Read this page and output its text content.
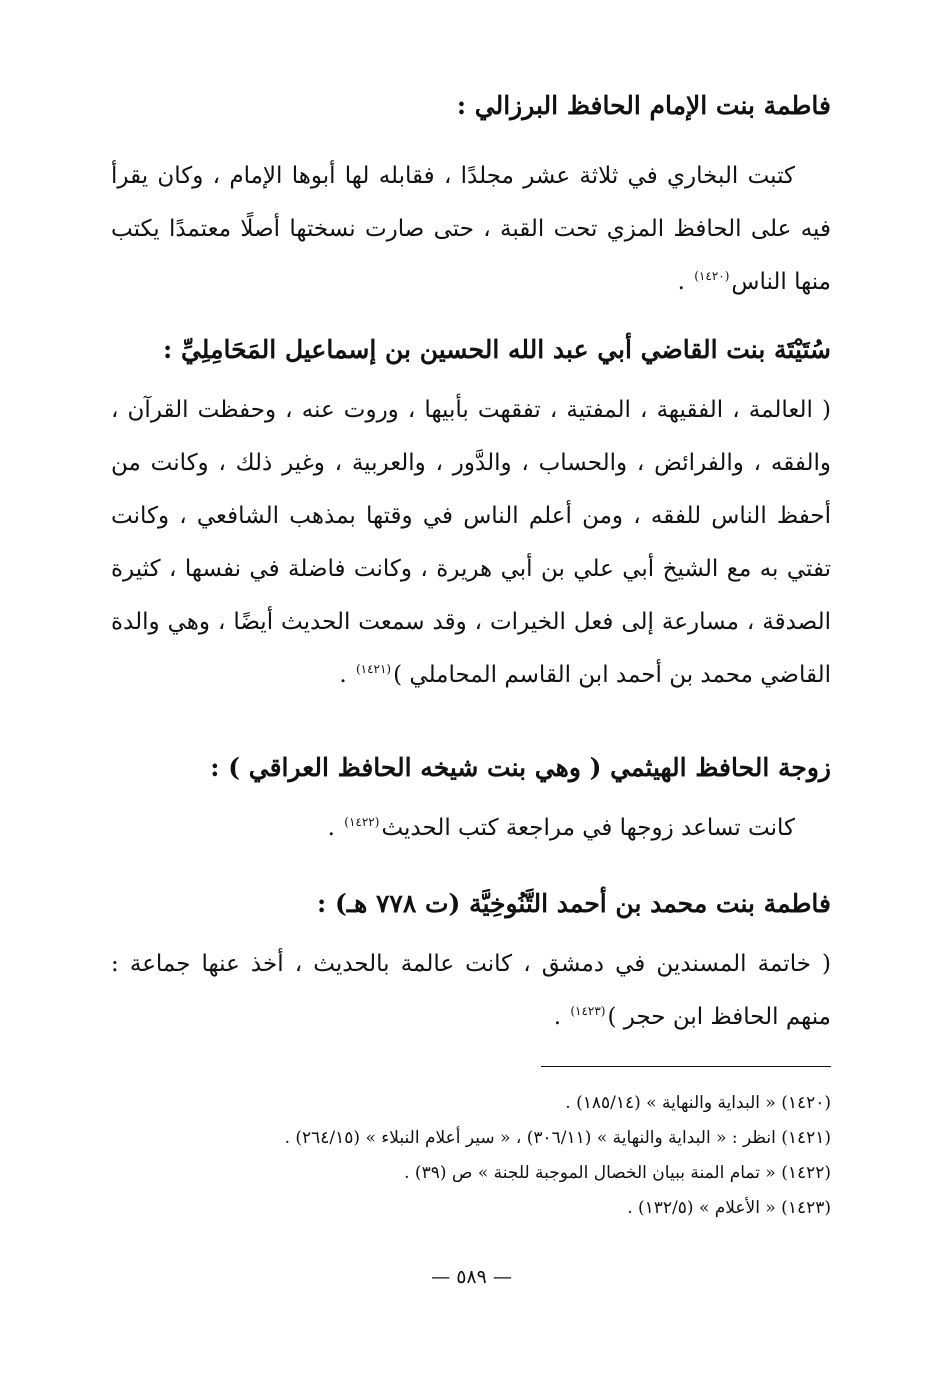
فاطمة بنت الإمام الحافظ البرزالي :
كتبت البخاري في ثلاثة عشر مجلدًا ، فقابله لها أبوها الإمام ، وكان يقرأ فيه على الحافظ المزي تحت القبة ، حتى صارت نسختها أصلًا معتمدًا يكتب منها الناس$^{(١٤٢٠)}$ .
سُتَيْتَة بنت القاضي أبي عبد الله الحسين بن إسماعيل المَحَامِلِيِّ :
( العالمة ، الفقيهة ، المفتية ، تفقهت بأبيها ، وروت عنه ، وحفظت القرآن ، والفقه ، والفرائض ، والحساب ، والدَّور ، والعربية ، وغير ذلك ، وكانت من أحفظ الناس للفقه ، ومن أعلم الناس في وقتها بمذهب الشافعي ، وكانت تفتي به مع الشيخ أبي علي بن أبي هريرة ، وكانت فاضلة في نفسها ، كثيرة الصدقة ، مسارعة إلى فعل الخيرات ، وقد سمعت الحديث أيضًا ، وهي والدة القاضي محمد بن أحمد ابن القاسم المحاملي )$^{(١٤٢١)}$ .
زوجة الحافظ الهيثمي ( وهي بنت شيخه الحافظ العراقي ) :
كانت تساعد زوجها في مراجعة كتب الحديث$^{(١٤٢٢)}$ .
فاطمة بنت محمد بن أحمد التَّنُوخِيَّة (ت ٧٧٨ هـ) :
( خاتمة المسندين في دمشق ، كانت عالمة بالحديث ، أخذ عنها جماعة : منهم الحافظ ابن حجر )$^{(١٤٢٣)}$ .
(١٤٢٠) « البداية والنهاية » (١٨٥/١٤) .
(١٤٢١) انظر : « البداية والنهاية » (٣٠٦/١١) ، « سير أعلام النبلاء » (٢٦٤/١٥) .
(١٤٢٢) « تمام المنة ببيان الخصال الموجبة للجنة » ص (٣٩) .
(١٤٢٣) « الأعلام » (١٣٢/٥) .
— ٥٨٩ —
